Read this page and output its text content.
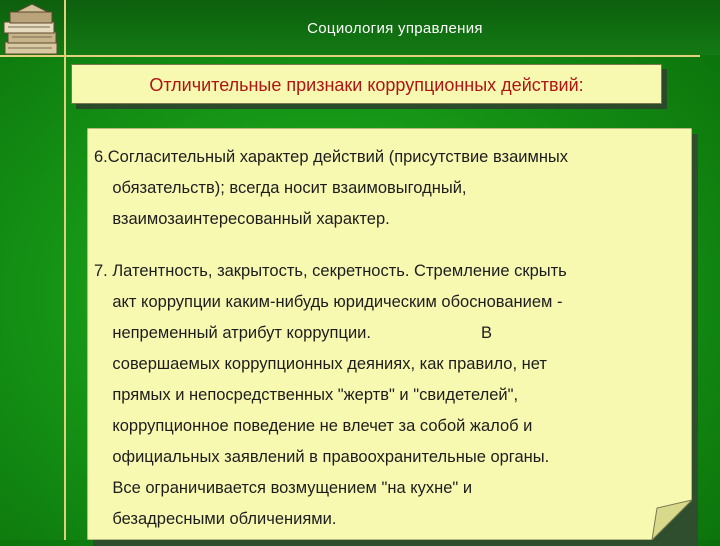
Социология управления
Отличительные признаки коррупционных действий:
6.Согласительный характер действий (присутствие взаимных
обязательств); всегда носит взаимовыгодный,
взаимозаинтересованный характер.
7. Латентность, закрытость, секретность. Стремление скрыть
акт коррупции каким-нибудь юридическим обоснованием -
непременный атрибут коррупции.                        В
совершаемых коррупционных деяниях, как правило, нет
прямых и непосредственных "жертв" и "свидетелей",
коррупционное поведение не влечет за собой жалоб и
официальных заявлений в правоохранительные органы.
Все ограничивается возмущением "на кухне" и
безадресными обличениями.
